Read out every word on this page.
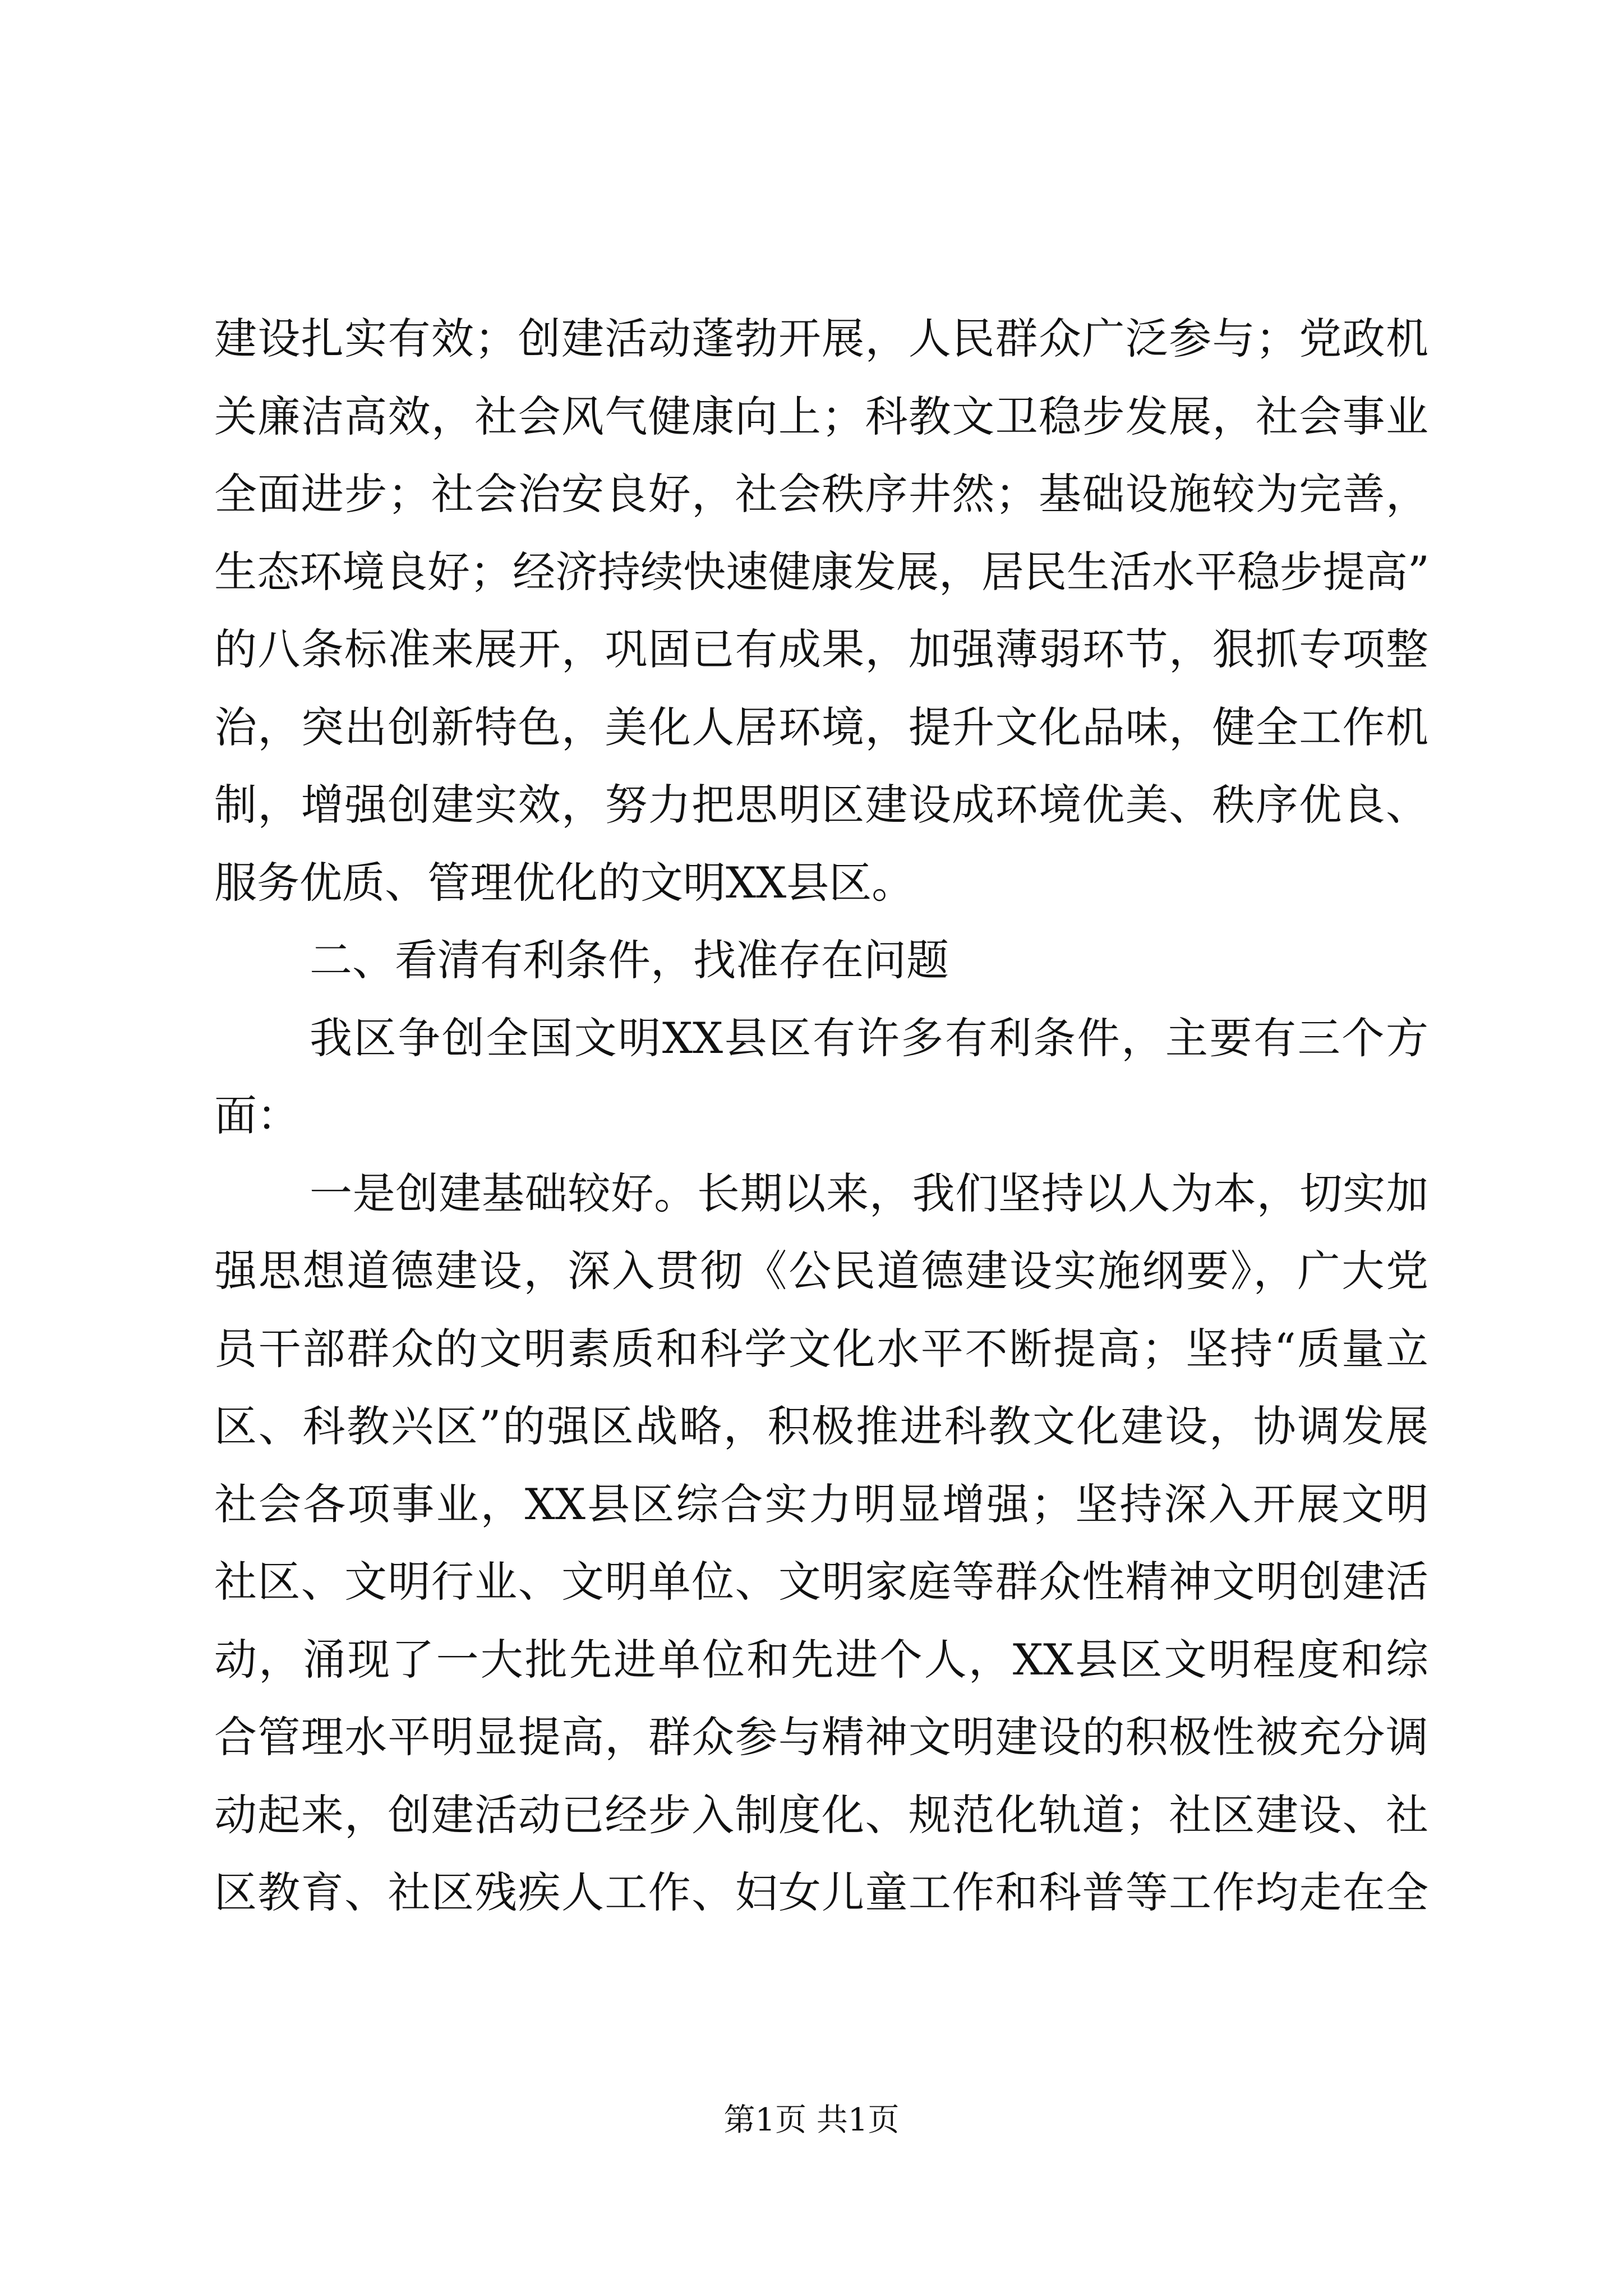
建设扎实有效；创建活动蓬勃开展，人民群众广泛参与；党政机
关廉洁高效，社会风气健康向上；科教文卫稳步发展，社会事业
全面进步；社会治安良好，社会秩序井然；基础设施较为完善，
生态环境良好；经济持续快速健康发展，居民生活水平稳步提高”
的八条标准来展开，巩固已有成果，加强薄弱环节，狠抓专项整
治，突出创新特色，美化人居环境，提升文化品味，健全工作机
制，增强创建实效，努力把思明区建设成环境优美、秩序优良、
服务优质、管理优化的文明XX县区。

二、看清有利条件，找准存在问题

我区争创全国文明XX县区有许多有利条件，主要有三个方
面：

一是创建基础较好。长期以来，我们坚持以人为本，切实加
强思想道德建设，深入贯彻《公民道德建设实施纲要》，广大党
员干部群众的文明素质和科学文化水平不断提高；坚持“质量立
区、科教兴区”的强区战略，积极推进科教文化建设，协调发展
社会各项事业，XX县区综合实力明显增强；坚持深入开展文明
社区、文明行业、文明单位、文明家庭等群众性精神文明创建活
动，涌现了一大批先进单位和先进个人，XX县区文明程度和综
合管理水平明显提高，群众参与精神文明建设的积极性被充分调
动起来，创建活动已经步入制度化、规范化轨道；社区建设、社
区教育、社区残疾人工作、妇女儿童工作和科普等工作均走在全

第1页 共1页
